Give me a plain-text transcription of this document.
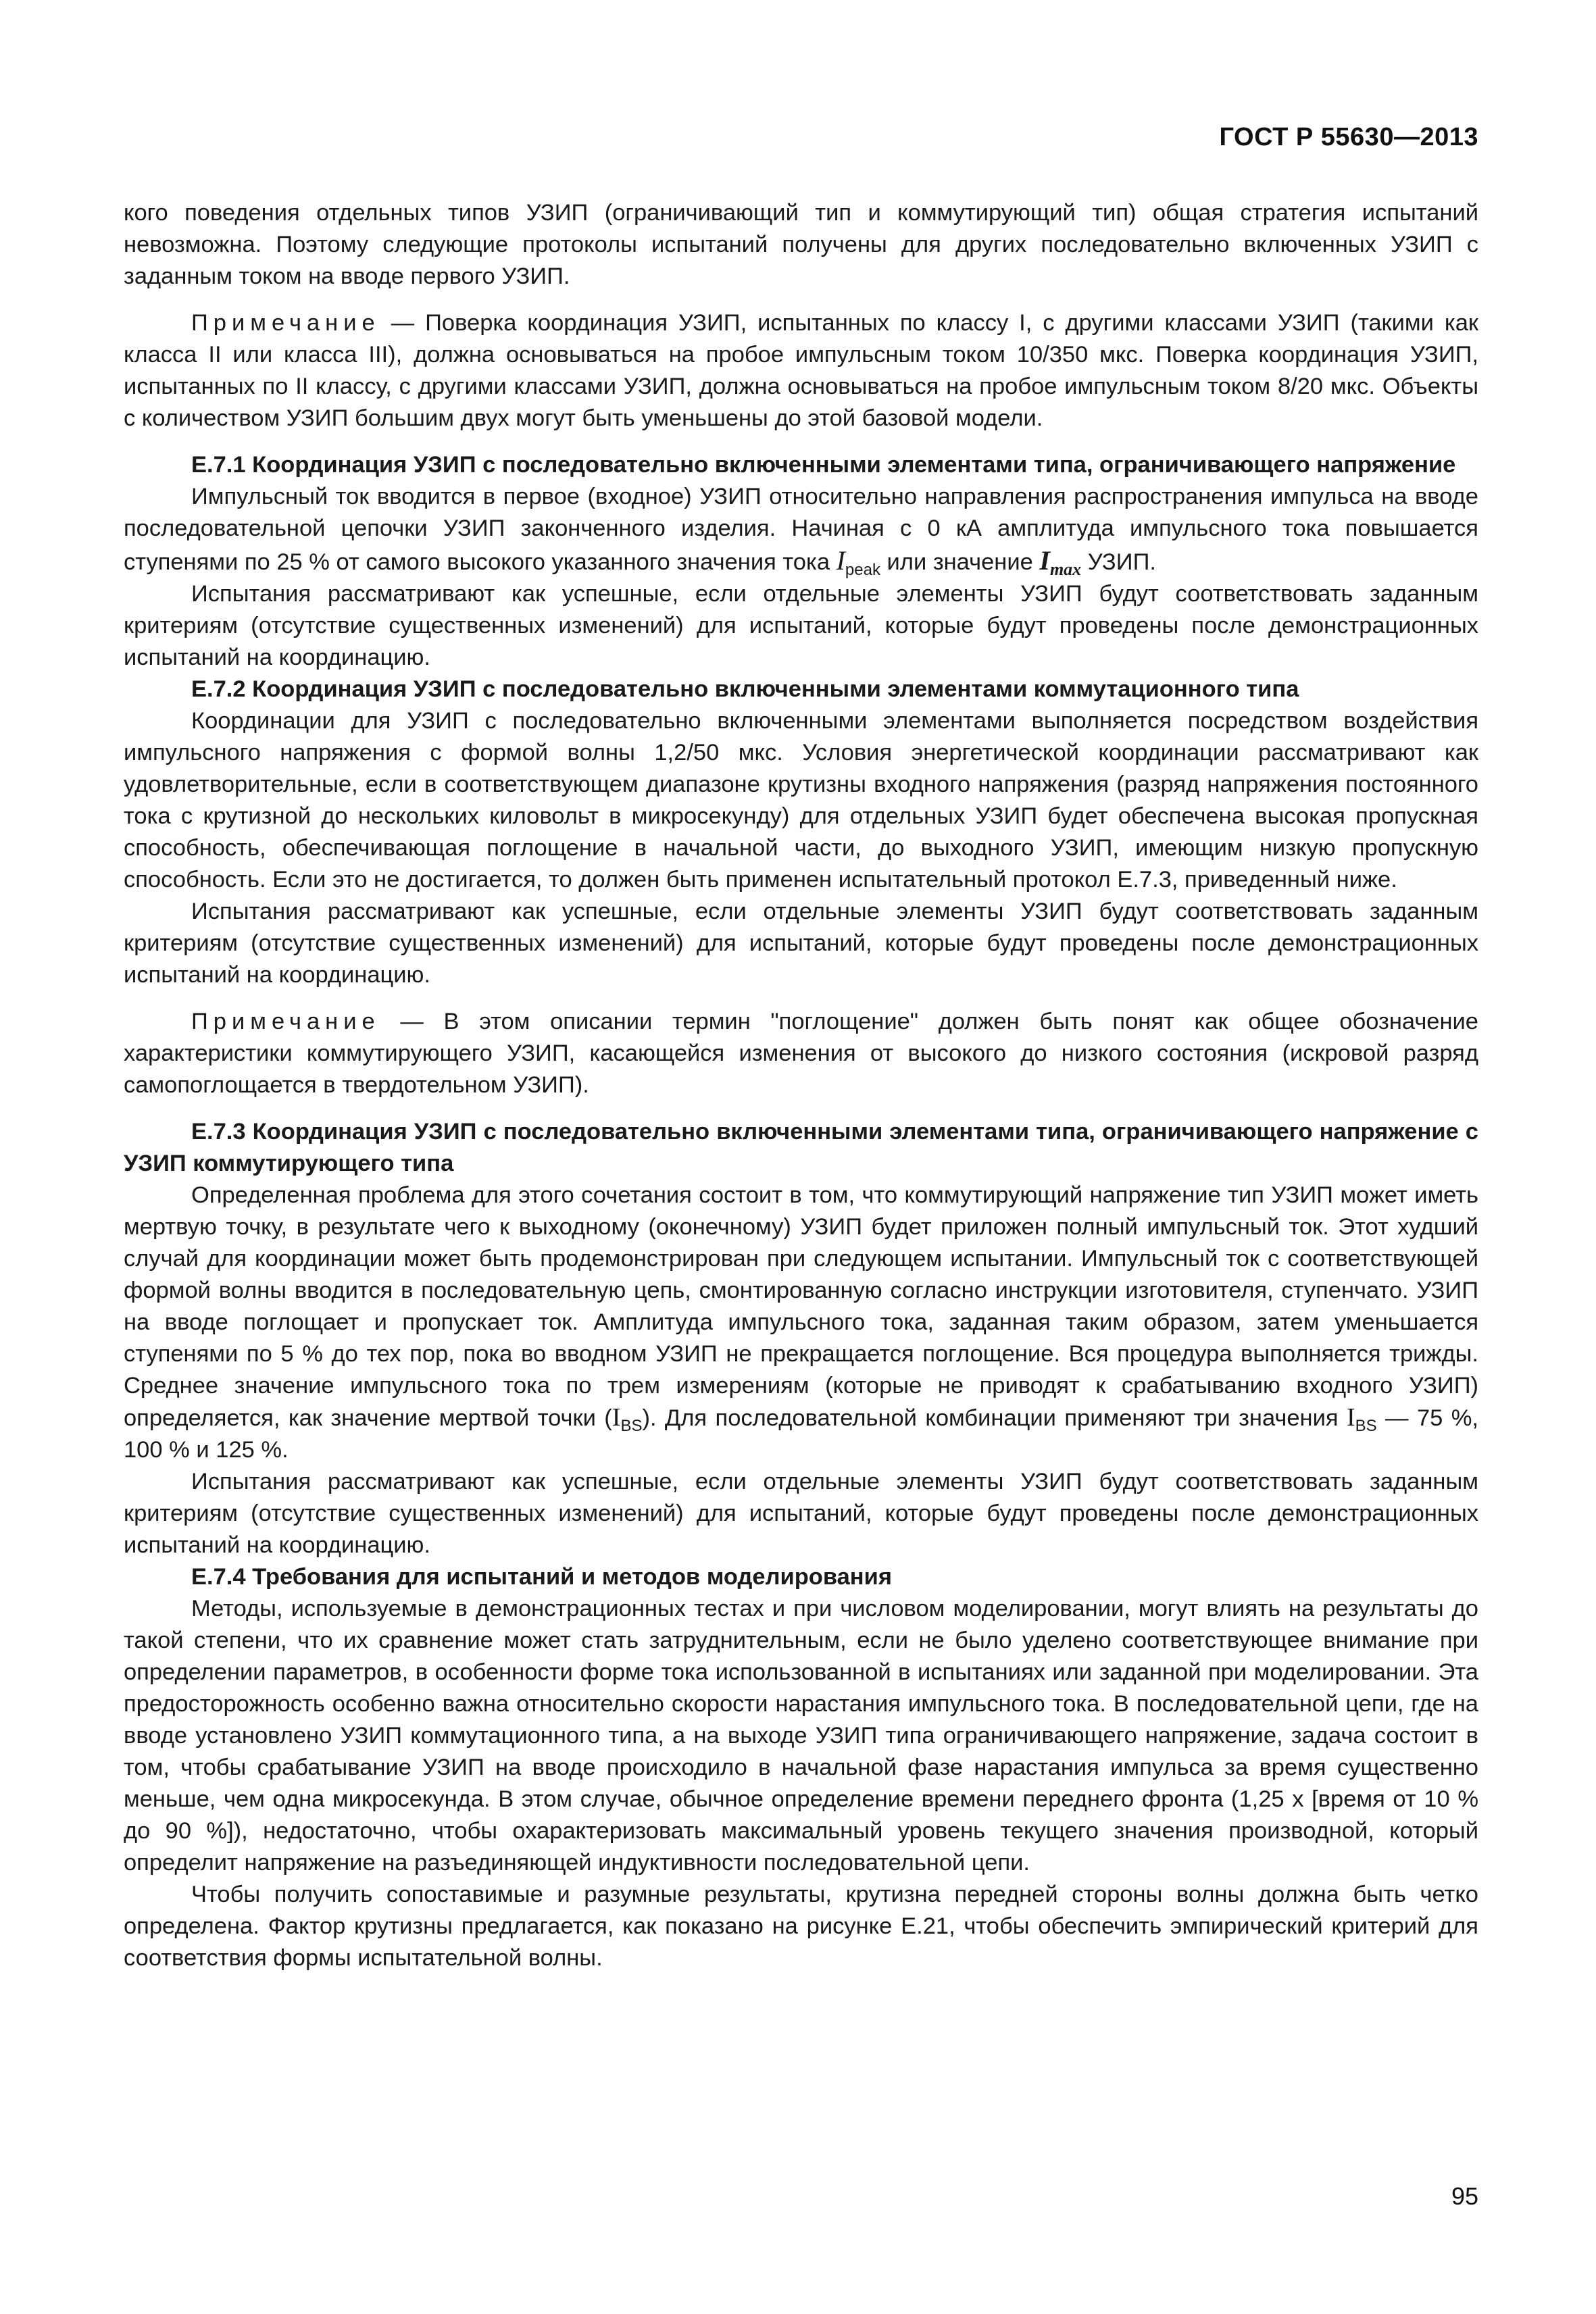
ГОСТ Р 55630—2013

кого поведения отдельных типов УЗИП (ограничивающий тип и коммутирующий тип) общая стратегия испытаний невозможна. Поэтому следующие протоколы испытаний получены для других последовательно включенных УЗИП с заданным током на вводе первого УЗИП.

Примечание — Поверка координация УЗИП, испытанных по классу I, с другими классами УЗИП (такими как класса II или класса III), должна основываться на пробое импульсным током 10/350 мкс. Поверка координация УЗИП, испытанных по II классу, с другими классами УЗИП, должна основываться на пробое импульсным током 8/20 мкс. Объекты с количеством УЗИП большим двух могут быть уменьшены до этой базовой модели.

Е.7.1 Координация УЗИП с последовательно включенными элементами типа, ограничивающего напряжение

Импульсный ток вводится в первое (входное) УЗИП относительно направления распространения импульса на вводе последовательной цепочки УЗИП законченного изделия. Начиная с 0 кА амплитуда импульсного тока повышается ступенями по 25 % от самого высокого указанного значения тока $I_{peak}$ или значение $I_{max}$ УЗИП.

Испытания рассматривают как успешные, если отдельные элементы УЗИП будут соответствовать заданным критериям (отсутствие существенных изменений) для испытаний, которые будут проведены после демонстрационных испытаний на координацию.

Е.7.2 Координация УЗИП с последовательно включенными элементами коммутационного типа

Координации для УЗИП с последовательно включенными элементами выполняется посредством воздействия импульсного напряжения с формой волны 1,2/50 мкс. Условия энергетической координации рассматривают как удовлетворительные, если в соответствующем диапазоне крутизны входного напряжения (разряд напряжения постоянного тока с крутизной до нескольких киловольт в микросекунду) для отдельных УЗИП будет обеспечена высокая пропускная способность, обеспечивающая поглощение в начальной части, до выходного УЗИП, имеющим низкую пропускную способность. Если это не достигается, то должен быть применен испытательный протокол Е.7.3, приведенный ниже.

Испытания рассматривают как успешные, если отдельные элементы УЗИП будут соответствовать заданным критериям (отсутствие существенных изменений) для испытаний, которые будут проведены после демонстрационных испытаний на координацию.

Примечание — В этом описании термин "поглощение" должен быть понят как общее обозначение характеристики коммутирующего УЗИП, касающейся изменения от высокого до низкого состояния (искровой разряд самопоглощается в твердотельном УЗИП).

Е.7.3 Координация УЗИП с последовательно включенными элементами типа, ограничивающего напряжение с УЗИП коммутирующего типа

Определенная проблема для этого сочетания состоит в том, что коммутирующий напряжение тип УЗИП может иметь мертвую точку, в результате чего к выходному (оконечному) УЗИП будет приложен полный импульсный ток. Этот худший случай для координации может быть продемонстрирован при следующем испытании. Импульсный ток с соответствующей формой волны вводится в последовательную цепь, смонтированную согласно инструкции изготовителя, ступенчато. УЗИП на вводе поглощает и пропускает ток. Амплитуда импульсного тока, заданная таким образом, затем уменьшается ступенями по 5 % до тех пор, пока во вводном УЗИП не прекращается поглощение. Вся процедура выполняется трижды. Среднее значение импульсного тока по трем измерениям (которые не приводят к срабатыванию входного УЗИП) определяется, как значение мертвой точки $(I_{BS})$. Для последовательной комбинации применяют три значения $I_{BS}$ — 75 %, 100 % и 125 %.

Испытания рассматривают как успешные, если отдельные элементы УЗИП будут соответствовать заданным критериям (отсутствие существенных изменений) для испытаний, которые будут проведены после демонстрационных испытаний на координацию.

Е.7.4 Требования для испытаний и методов моделирования

Методы, используемые в демонстрационных тестах и при числовом моделировании, могут влиять на результаты до такой степени, что их сравнение может стать затруднительным, если не было уделено соответствующее внимание при определении параметров, в особенности форме тока использованной в испытаниях или заданной при моделировании. Эта предосторожность особенно важна относительно скорости нарастания импульсного тока. В последовательной цепи, где на вводе установлено УЗИП коммутационного типа, а на выходе УЗИП типа ограничивающего напряжение, задача состоит в том, чтобы срабатывание УЗИП на вводе происходило в начальной фазе нарастания импульса за время существенно меньше, чем одна микросекунда. В этом случае, обычное определение времени переднего фронта (1,25 x [время от 10 % до 90 %]), недостаточно, чтобы охарактеризовать максимальный уровень текущего значения производной, который определит напряжение на разъединяющей индуктивности последовательной цепи.

Чтобы получить сопоставимые и разумные результаты, крутизна передней стороны волны должна быть четко определена. Фактор крутизны предлагается, как показано на рисунке Е.21, чтобы обеспечить эмпирический критерий для соответствия формы испытательной волны.

95
